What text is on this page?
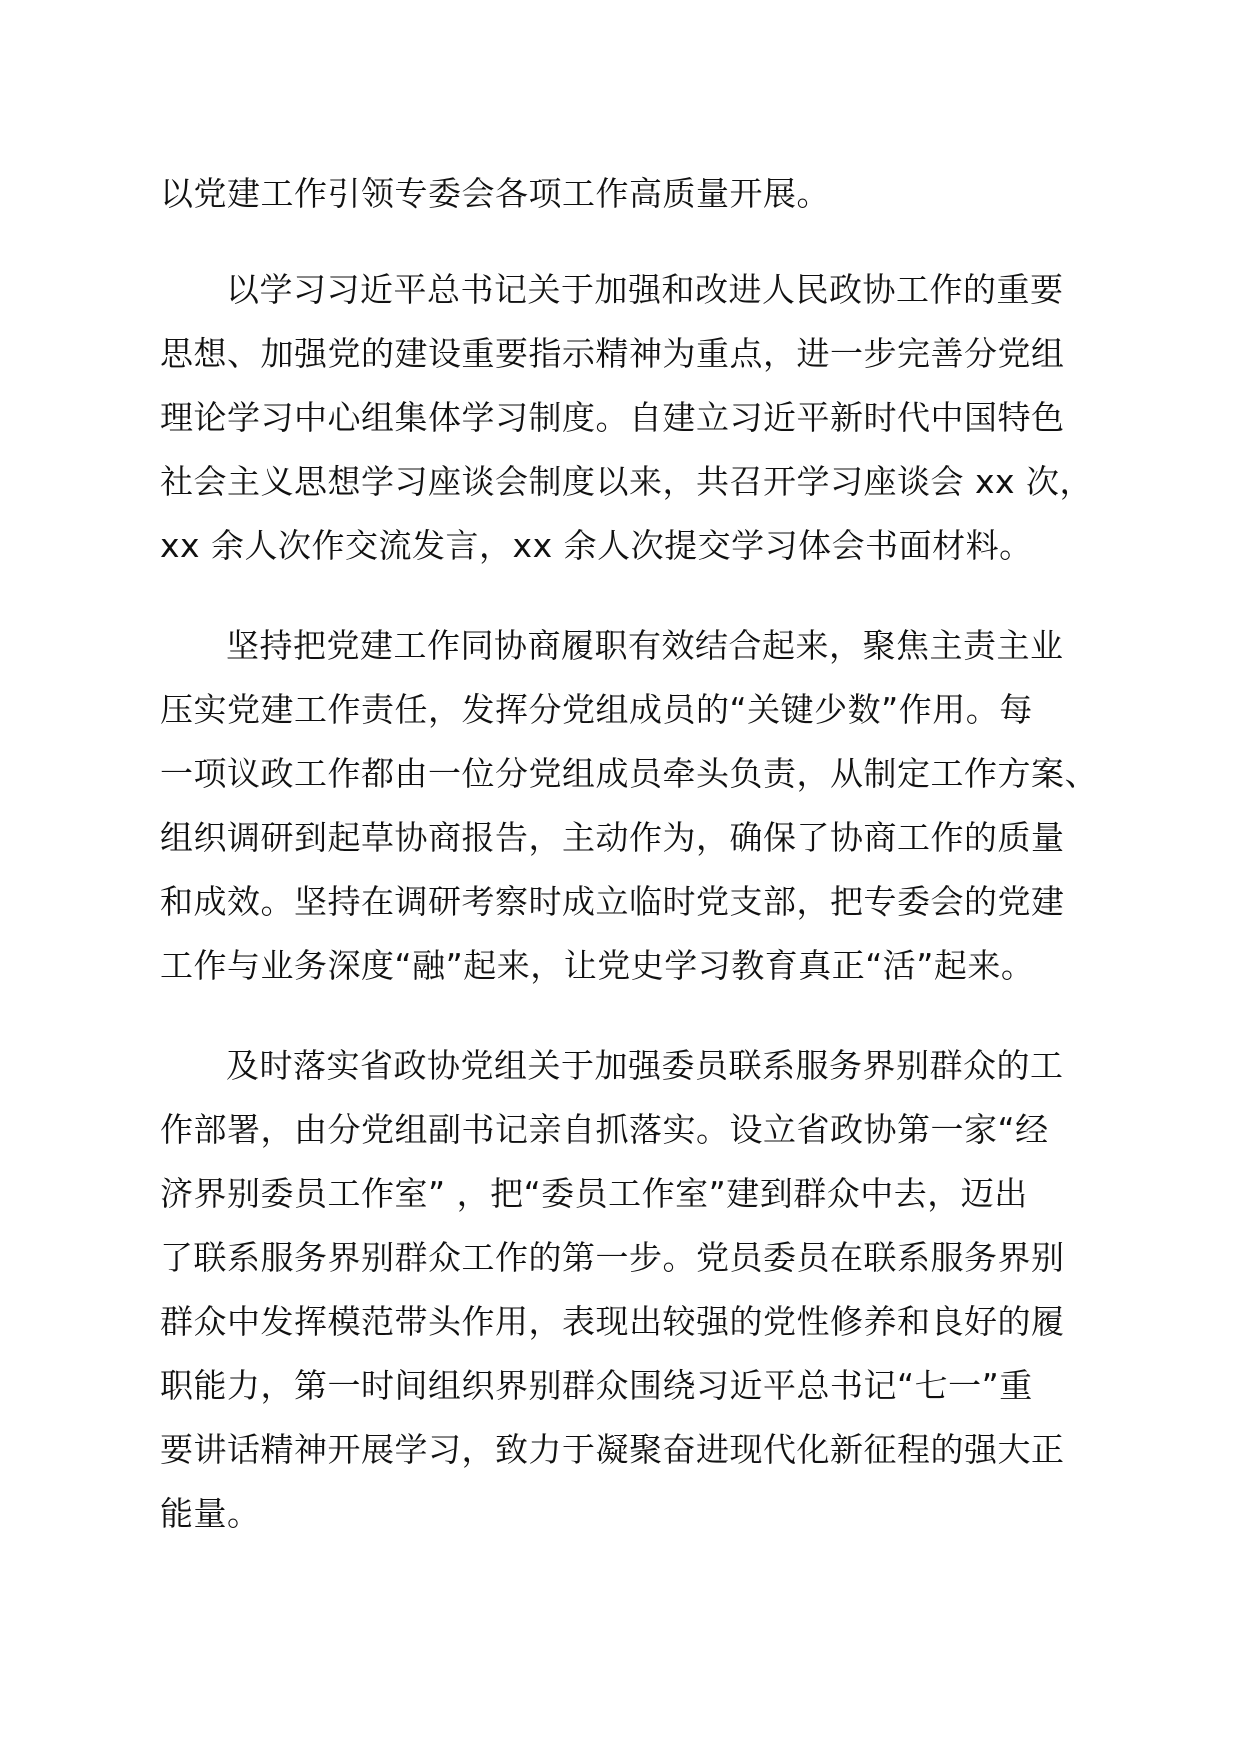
以党建工作引领专委会各项工作高质量开展。
以学习习近平总书记关于加强和改进人民政协工作的重要
思想、加强党的建设重要指示精神为重点，进一步完善分党组
理论学习中心组集体学习制度。自建立习近平新时代中国特色
社会主义思想学习座谈会制度以来，共召开学习座谈会 xx 次，
xx 余人次作交流发言，xx 余人次提交学习体会书面材料。
坚持把党建工作同协商履职有效结合起来，聚焦主责主业
压实党建工作责任，发挥分党组成员的“关键少数”作用。每
一项议政工作都由一位分党组成员牵头负责，从制定工作方案、
组织调研到起草协商报告，主动作为，确保了协商工作的质量
和成效。坚持在调研考察时成立临时党支部，把专委会的党建
工作与业务深度“融”起来，让党史学习教育真正“活”起来。
及时落实省政协党组关于加强委员联系服务界别群众的工
作部署，由分党组副书记亲自抓落实。设立省政协第一家“经
济界别委员工作室” ，把“委员工作室”建到群众中去，迈出
了联系服务界别群众工作的第一步。党员委员在联系服务界别
群众中发挥模范带头作用，表现出较强的党性修养和良好的履
职能力，第一时间组织界别群众围绕习近平总书记“七一”重
要讲话精神开展学习，致力于凝聚奋进现代化新征程的强大正
能量。
